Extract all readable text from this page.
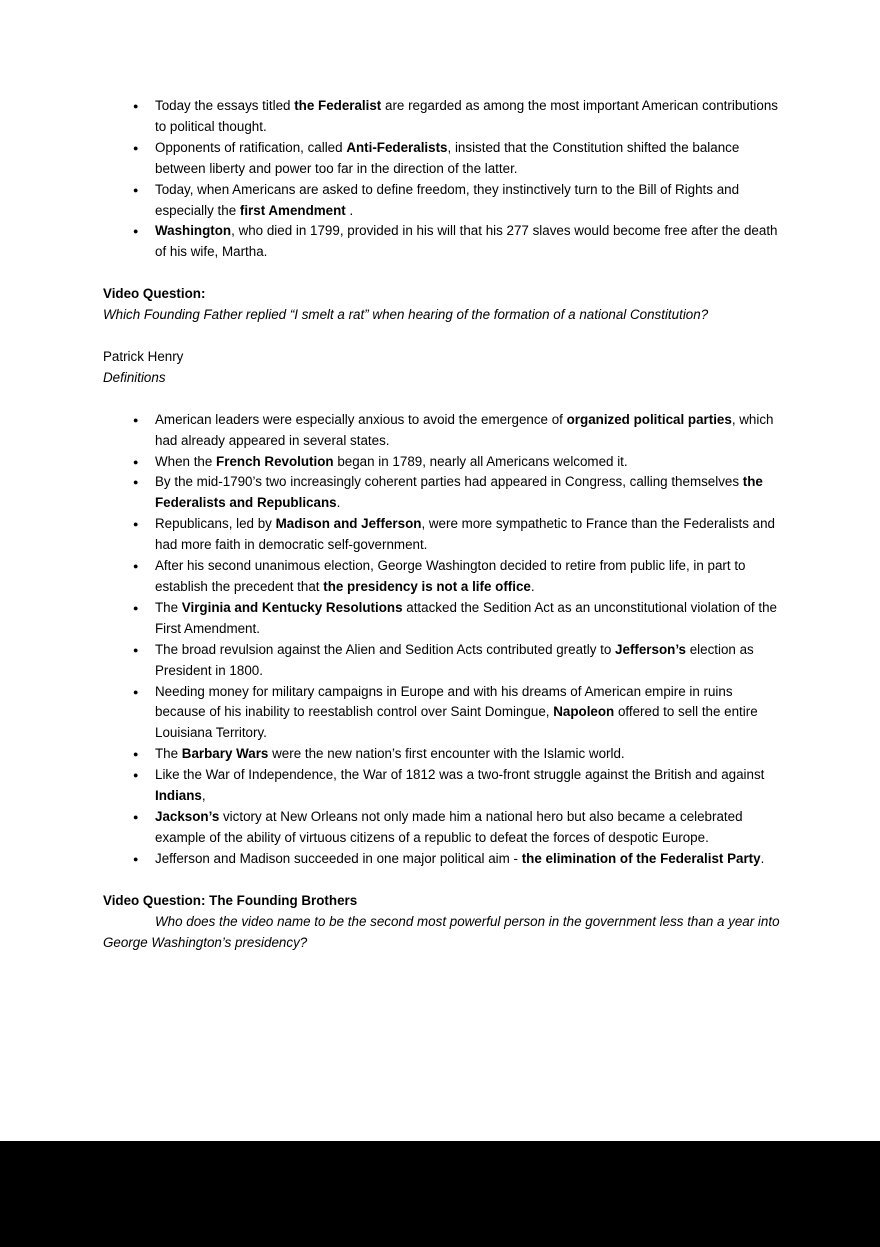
● Today the essays titled the Federalist are regarded as among the most important American contributions to political thought.
● Opponents of ratification, called Anti-Federalists, insisted that the Constitution shifted the balance between liberty and power too far in the direction of the latter.
● Today, when Americans are asked to define freedom, they instinctively turn to the Bill of Rights and especially the first Amendment .
● Washington, who died in 1799, provided in his will that his 277 slaves would become free after the death of his wife, Martha.

Video Question:

Which Founding Father replied “I smelt a rat” when hearing of the formation of a national Constitution?

Patrick Henry

Definitions

● American leaders were especially anxious to avoid the emergence of organized political parties, which had already appeared in several states.
● When the French Revolution began in 1789, nearly all Americans welcomed it.
● By the mid-1790’s two increasingly coherent parties had appeared in Congress, calling themselves the Federalists and Republicans.
● Republicans, led by Madison and Jefferson, were more sympathetic to France than the Federalists and had more faith in democratic self-government.
● After his second unanimous election, George Washington decided to retire from public life, in part to establish the precedent that the presidency is not a life office.
● The Virginia and Kentucky Resolutions attacked the Sedition Act as an unconstitutional violation of the First Amendment.
● The broad revulsion against the Alien and Sedition Acts contributed greatly to Jefferson’s election as President in 1800.
● Needing money for military campaigns in Europe and with his dreams of American empire in ruins because of his inability to reestablish control over Saint Domingue, Napoleon offered to sell the entire Louisiana Territory.
● The Barbary Wars were the new nation’s first encounter with the Islamic world.
● Like the War of Independence, the War of 1812 was a two-front struggle against the British and against Indians,
● Jackson’s victory at New Orleans not only made him a national hero but also became a celebrated example of the ability of virtuous citizens of a republic to defeat the forces of despotic Europe.
● Jefferson and Madison succeeded in one major political aim - the elimination of the Federalist Party.

Video Question: The Founding Brothers

Who does the video name to be the second most powerful person in the government less than a year into George Washington’s presidency?
